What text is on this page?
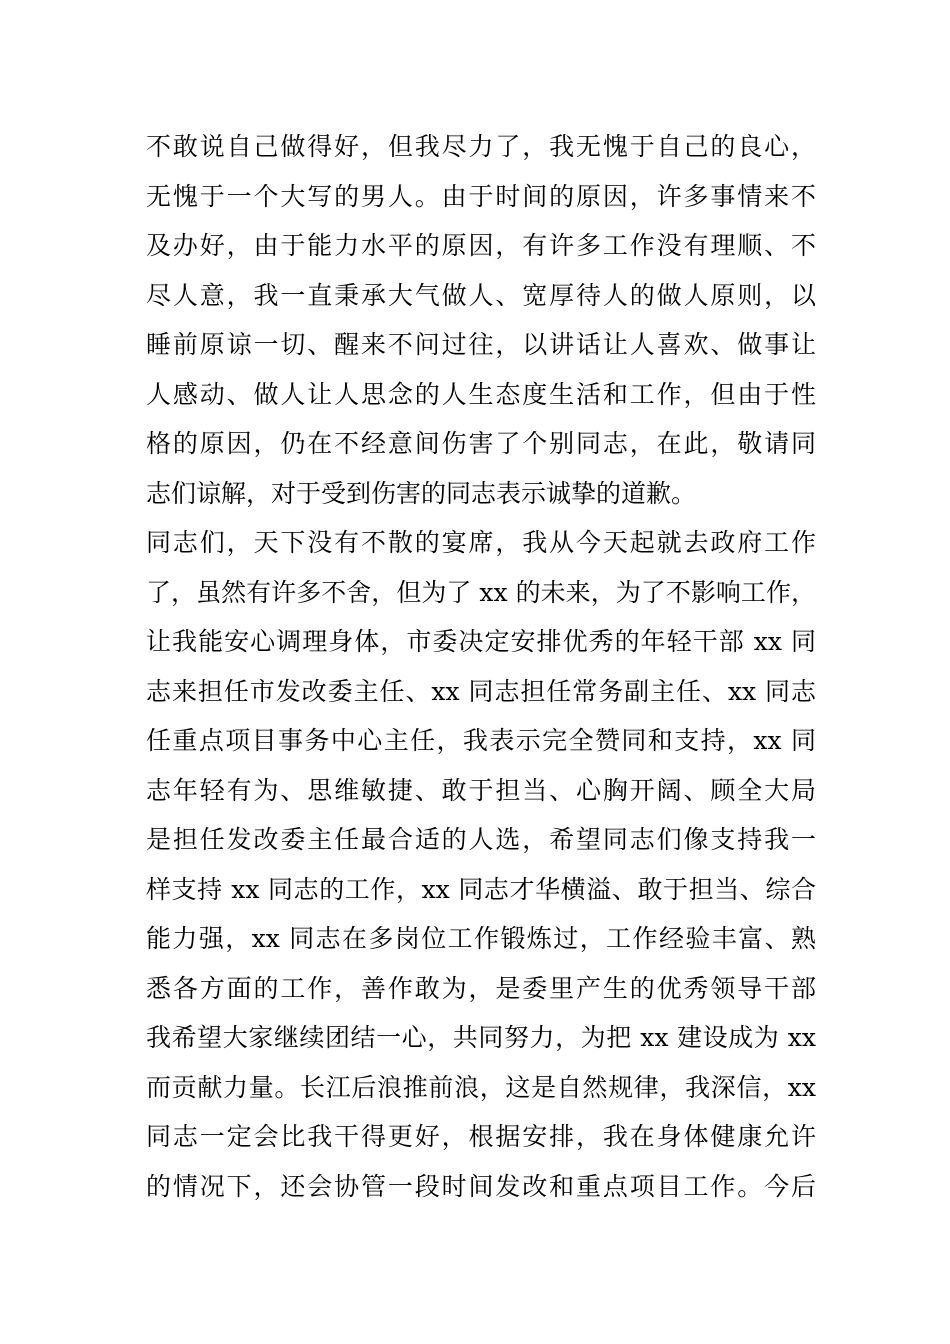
不敢说自己做得好，但我尽力了，我无愧于自己的良心，
无愧于一个大写的男人。由于时间的原因，许多事情来不
及办好，由于能力水平的原因，有许多工作没有理顺、不
尽人意，我一直秉承大气做人、宽厚待人的做人原则，以
睡前原谅一切、醒来不问过往，以讲话让人喜欢、做事让
人感动、做人让人思念的人生态度生活和工作，但由于性
格的原因，仍在不经意间伤害了个别同志，在此，敬请同
志们谅解，对于受到伤害的同志表示诚挚的道歉。
同志们，天下没有不散的宴席，我从今天起就去政府工作
了，虽然有许多不舍，但为了 xx 的未来，为了不影响工作，
让我能安心调理身体，市委决定安排优秀的年轻干部 xx 同
志来担任市发改委主任、xx 同志担任常务副主任、xx 同志
任重点项目事务中心主任，我表示完全赞同和支持，xx 同
志年轻有为、思维敏捷、敢于担当、心胸开阔、顾全大局
是担任发改委主任最合适的人选，希望同志们像支持我一
样支持 xx 同志的工作，xx 同志才华横溢、敢于担当、综合
能力强，xx 同志在多岗位工作锻炼过，工作经验丰富、熟
悉各方面的工作，善作敢为，是委里产生的优秀领导干部
我希望大家继续团结一心，共同努力，为把 xx 建设成为 xx
而贡献力量。长江后浪推前浪，这是自然规律，我深信，xx
同志一定会比我干得更好，根据安排，我在身体健康允许
的情况下，还会协管一段时间发改和重点项目工作。今后
